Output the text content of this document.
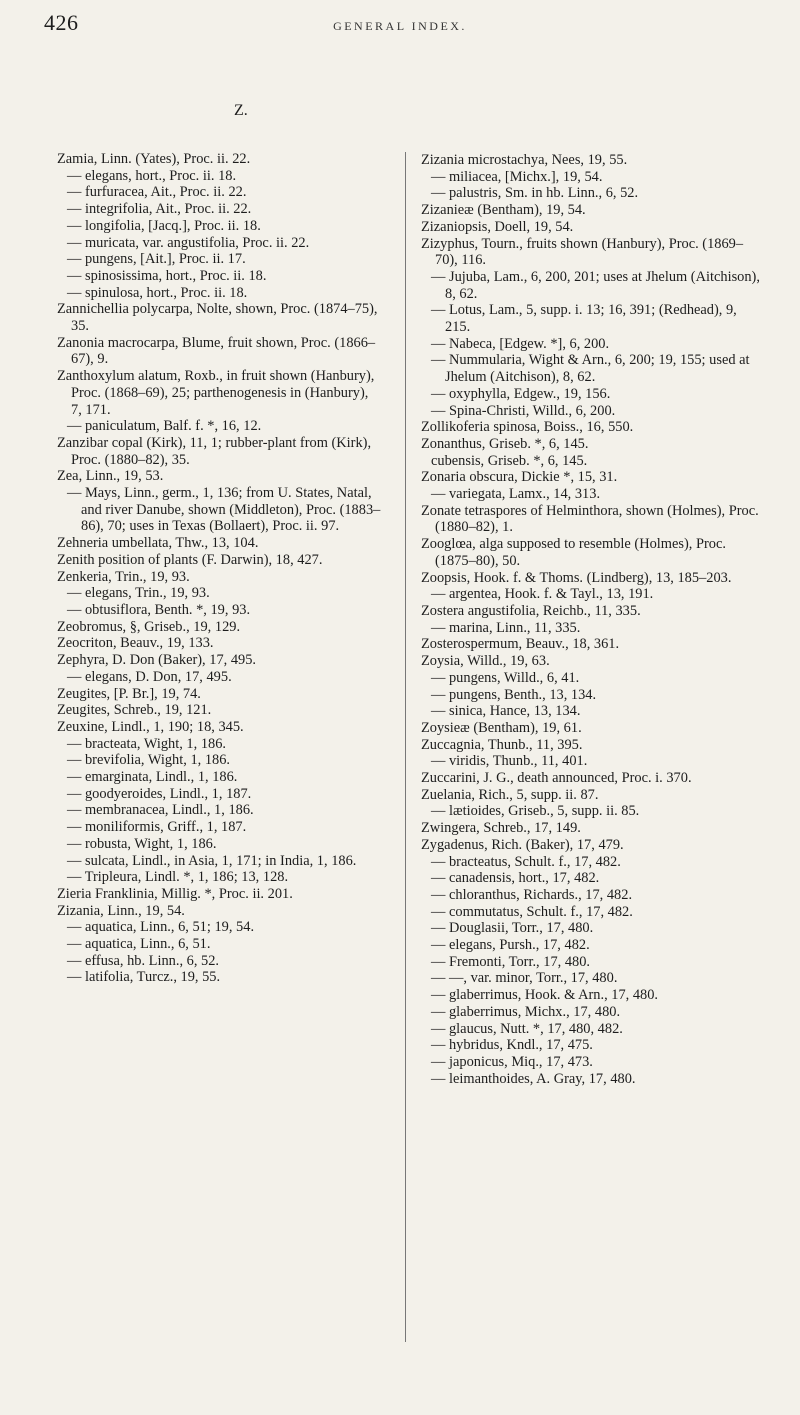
426	GENERAL INDEX.
Z.
Zamia, Linn. (Yates), Proc. ii. 22.
— elegans, hort., Proc. ii. 18.
— furfuracea, Ait., Proc. ii. 22.
— integrifolia, Ait., Proc. ii. 22.
— longifolia, [Jacq.], Proc. ii. 18.
— muricata, var. angustifolia, Proc. ii. 22.
— pungens, [Ait.], Proc. ii. 17.
— spinosissima, hort., Proc. ii. 18.
— spinulosa, hort., Proc. ii. 18.
Zannichellia polycarpa, Nolte, shown, Proc. (1874–75), 35.
Zanonia macrocarpa, Blume, fruit shown, Proc. (1866–67), 9.
Zanthoxylum alatum, Roxb., in fruit shown (Hanbury), Proc. (1868–69), 25; parthenogenesis in (Hanbury), 7, 171.
— paniculatum, Balf. f. *, 16, 12.
Zanzibar copal (Kirk), 11, 1; rubber-plant from (Kirk), Proc. (1880–82), 35.
Zea, Linn., 19, 53.
— Mays, Linn., germ., 1, 136; from U. States, Natal, and river Danube, shown (Middleton), Proc. (1883–86), 70; uses in Texas (Bollaert), Proc. ii. 97.
Zehneria umbellata, Thw., 13, 104.
Zenith position of plants (F. Darwin), 18, 427.
Zenkeria, Trin., 19, 93.
— elegans, Trin., 19, 93.
— obtusiflora, Benth. *, 19, 93.
Zeobromus, §, Griseb., 19, 129.
Zeocriton, Beauv., 19, 133.
Zephyra, D. Don (Baker), 17, 495.
— elegans, D. Don, 17, 495.
Zeugites, [P. Br.], 19, 74.
Zeugites, Schreb., 19, 121.
Zeuxine, Lindl., 1, 190; 18, 345.
— bracteata, Wight, 1, 186.
— brevifolia, Wight, 1, 186.
— emarginata, Lindl., 1, 186.
— goodyeroides, Lindl., 1, 187.
— membranacea, Lindl., 1, 186.
— moniliformis, Griff., 1, 187.
— robusta, Wight, 1, 186.
— sulcata, Lindl., in Asia, 1, 171; in India, 1, 186.
— Tripleura, Lindl. *, 1, 186; 13, 128.
Zieria Franklinia, Millig. *, Proc. ii. 201.
Zizania, Linn., 19, 54.
— aquatica, Linn., 6, 51; 19, 54.
— aquatica, Linn., 6, 51.
— effusa, hb. Linn., 6, 52.
— latifolia, Turcz., 19, 55.
Zizania microstachya, Nees, 19, 55.
— miliacea, [Michx.], 19, 54.
— palustris, Sm. in hb. Linn., 6, 52.
Zizanieæ (Bentham), 19, 54.
Zizaniopsis, Doell, 19, 54.
Zizyphus, Tourn., fruits shown (Hanbury), Proc. (1869–70), 116.
— Jujuba, Lam., 6, 200, 201; uses at Jhelum (Aitchison), 8, 62.
— Lotus, Lam., 5, supp. i. 13; 16, 391; (Redhead), 9, 215.
— Nabeca, [Edgew. *], 6, 200.
— Nummularia, Wight & Arn., 6, 200; 19, 155; used at Jhelum (Aitchison), 8, 62.
— oxyphylla, Edgew., 19, 156.
— Spina-Christi, Willd., 6, 200.
Zollikoferia spinosa, Boiss., 16, 550.
Zonanthus, Griseb. *, 6, 145.
cubensis, Griseb. *, 6, 145.
Zonaria obscura, Dickie *, 15, 31.
— variegata, Lamx., 14, 313.
Zonate tetraspores of Helminthora, shown (Holmes), Proc. (1880–82), 1.
Zooglœa, alga supposed to resemble (Holmes), Proc. (1875–80), 50.
Zoopsis, Hook. f. & Thoms. (Lindberg), 13, 185–203.
— argentea, Hook. f. & Tayl., 13, 191.
Zostera angustifolia, Reichb., 11, 335.
— marina, Linn., 11, 335.
Zosterospermum, Beauv., 18, 361.
Zoysia, Willd., 19, 63.
— pungens, Willd., 6, 41.
— pungens, Benth., 13, 134.
— sinica, Hance, 13, 134.
Zoysieæ (Bentham), 19, 61.
Zuccagnia, Thunb., 11, 395.
— viridis, Thunb., 11, 401.
Zuccarini, J. G., death announced, Proc. i. 370.
Zuelania, Rich., 5, supp. ii. 87.
— lætioides, Griseb., 5, supp. ii. 85.
Zwingera, Schreb., 17, 149.
Zygadenus, Rich. (Baker), 17, 479.
— bracteatus, Schult. f., 17, 482.
— canadensis, hort., 17, 482.
— chloranthus, Richards., 17, 482.
— commutatus, Schult. f., 17, 482.
— Douglasii, Torr., 17, 480.
— elegans, Pursh., 17, 482.
— Fremonti, Torr., 17, 480.
— —, var. minor, Torr., 17, 480.
— glaberrimus, Hook. & Arn., 17, 480.
— glaberrimus, Michx., 17, 480.
— glaucus, Nutt. *, 17, 480, 482.
— hybridus, Kndl., 17, 475.
— japonicus, Miq., 17, 473.
— leimanthoides, A. Gray, 17, 480.
